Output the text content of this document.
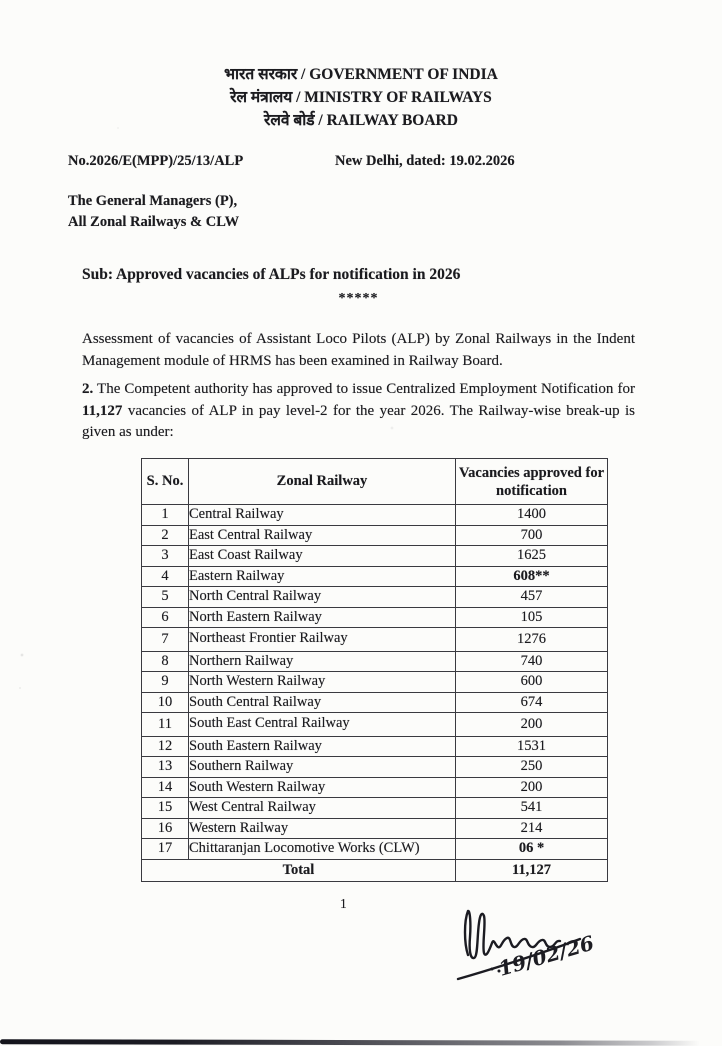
भारत सरकार / GOVERNMENT OF INDIA
रेल मंत्रालय / MINISTRY OF RAILWAYS
रेलवे बोर्ड / RAILWAY BOARD
No.2026/E(MPP)/25/13/ALP	New Delhi, dated: 19.02.2026
The General Managers (P),
All Zonal Railways & CLW
Sub: Approved vacancies of ALPs for notification in 2026
*****

Assessment of vacancies of Assistant Loco Pilots (ALP) by Zonal Railways in the Indent Management module of HRMS has been examined in Railway Board.

2. The Competent authority has approved to issue Centralized Employment Notification for 11,127 vacancies of ALP in pay level-2 for the year 2026. The Railway-wise break-up is given as under:

S. No.	Zonal Railway	Vacancies approved for notification
Total		11,127
1	Central Railway	1400
2	East Central Railway	700
3	East Coast Railway	1625
4	Eastern Railway	608**
5	North Central Railway	457
6	North Eastern Railway	105
7	Northeast Frontier Railway	1276
8	Northern Railway	740
9	North Western Railway	600
10	South Central Railway	674
11	South East Central Railway	200
12	South Eastern Railway	1531
13	Southern Railway	250
14	South Western Railway	200
15	West Central Railway	541
16	Western Railway	214
17	Chittaranjan Locomotive Works (CLW)	06 *
1
19/02/26
